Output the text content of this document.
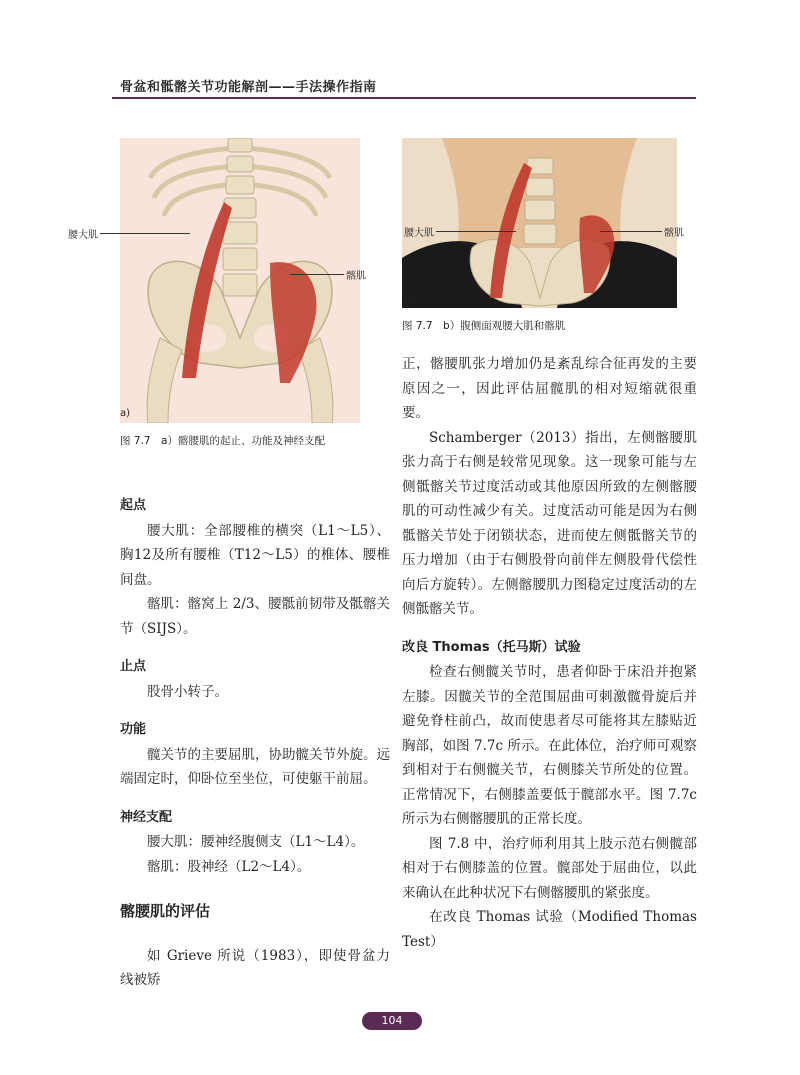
骨盆和骶髂关节功能解剖——手法操作指南
腰大肌
髂肌
a)
图 7.7　a）髂腰肌的起止、功能及神经支配
腰大肌	髂肌
b)
图 7.7　b）腹侧面观腰大肌和髂肌
起点

腰大肌：全部腰椎的横突（L1～L5）、胸12及所有腰椎（T12～L5）的椎体、腰椎间盘。

髂肌：髂窝上 2/3、腰骶前韧带及骶髂关节（SIJS）。

止点

股骨小转子。

功能

髋关节的主要屈肌，协助髋关节外旋。远端固定时，仰卧位至坐位，可使躯干前屈。

神经支配

腰大肌：腰神经腹侧支（L1～L4）。

髂肌：股神经（L2～L4）。

髂腰肌的评估

如 Grieve 所说（1983），即使骨盆力线被矫

正，髂腰肌张力增加仍是紊乱综合征再发的主要原因之一，因此评估屈髋肌的相对短缩就很重要。

Schamberger（2013）指出，左侧髂腰肌张力高于右侧是较常见现象。这一现象可能与左侧骶髂关节过度活动或其他原因所致的左侧髂腰肌的可动性减少有关。过度活动可能是因为右侧骶髂关节处于闭锁状态，进而使左侧骶髂关节的压力增加（由于右侧股骨向前伴左侧股骨代偿性向后方旋转）。左侧髂腰肌力图稳定过度活动的左侧骶髂关节。

改良 Thomas（托马斯）试验

检查右侧髋关节时，患者仰卧于床沿并抱紧左膝。因髋关节的全范围屈曲可刺激髋骨旋后并避免脊柱前凸，故而使患者尽可能将其左膝贴近胸部，如图 7.7c 所示。在此体位，治疗师可观察到相对于右侧髋关节，右侧膝关节所处的位置。正常情况下，右侧膝盖要低于髋部水平。图 7.7c 所示为右侧髂腰肌的正常长度。

图 7.8 中，治疗师利用其上肢示范右侧髋部相对于右侧膝盖的位置。髋部处于屈曲位，以此来确认在此种状况下右侧髂腰肌的紧张度。

在改良 Thomas 试验（Modified Thomas Test）

104
